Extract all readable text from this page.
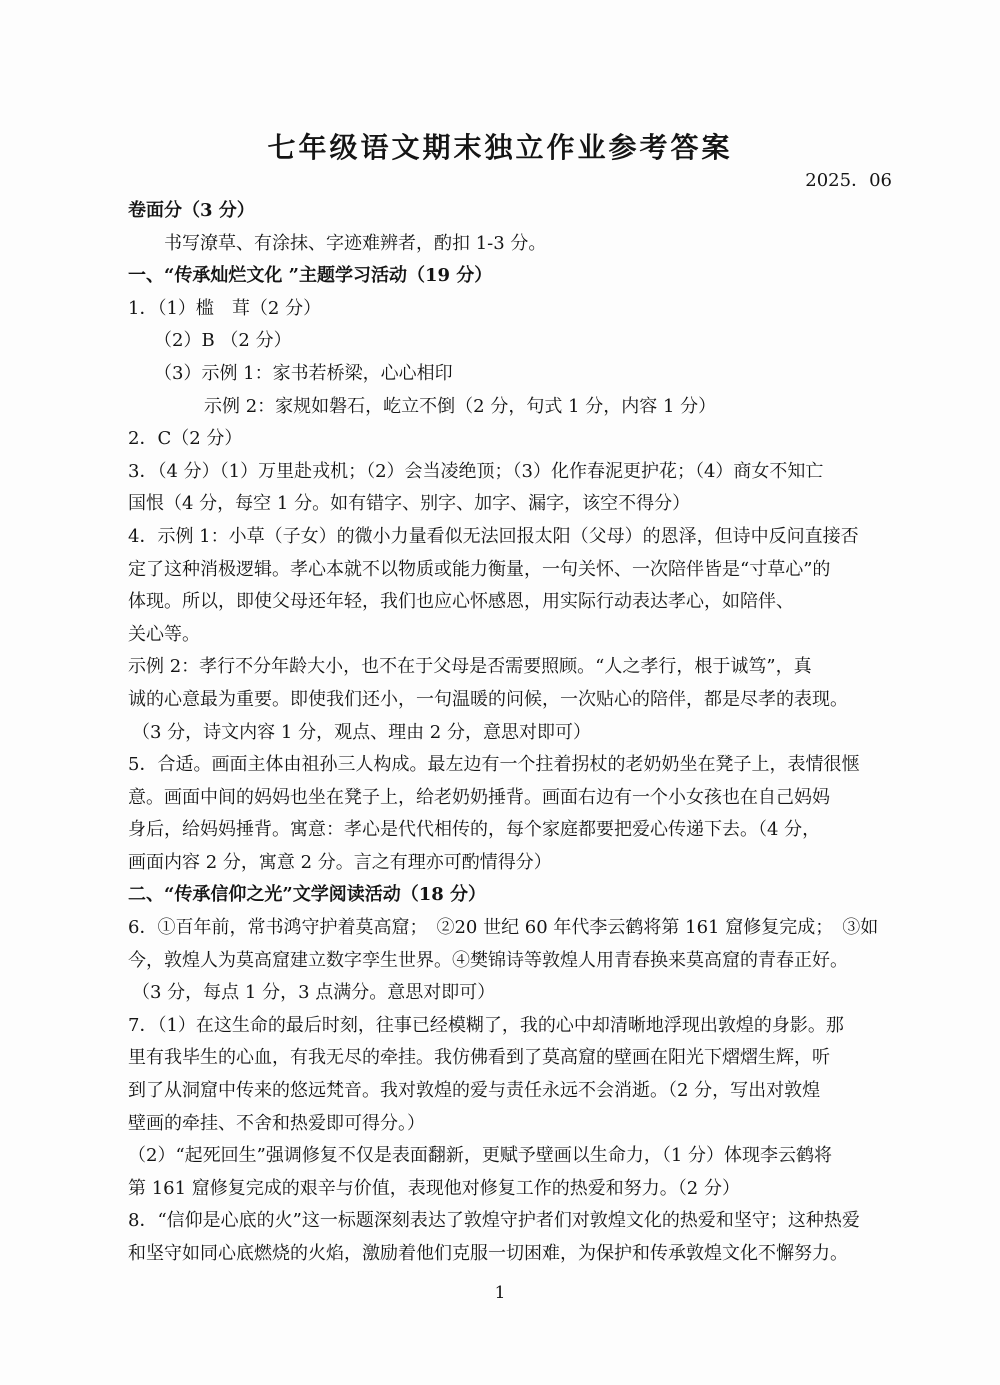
七年级语文期末独立作业参考答案
2025．06
卷面分（3 分）
书写潦草、有涂抹、字迹难辨者，酌扣 1-3 分。
一、“传承灿烂文化 ”主题学习活动（19 分）
1．（1）槛　茸（2 分）
（2）B （2 分）
（3）示例 1：家书若桥梁，心心相印
示例 2：家规如磐石，屹立不倒（2 分，句式 1 分，内容 1 分）
2．C（2 分）
3．（4 分）（1）万里赴戎机；（2）会当凌绝顶；（3）化作春泥更护花；（4）商女不知亡
国恨（4 分，每空 1 分。如有错字、别字、加字、漏字，该空不得分）
4．示例 1：小草（子女）的微小力量看似无法回报太阳（父母）的恩泽，但诗中反问直接否
定了这种消极逻辑。孝心本就不以物质或能力衡量，一句关怀、一次陪伴皆是“寸草心”的
体现。所以，即使父母还年轻，我们也应心怀感恩，用实际行动表达孝心，如陪伴、
关心等。
示例 2：孝行不分年龄大小，也不在于父母是否需要照顾。“人之孝行，根于诚笃”，真
诚的心意最为重要。即使我们还小，一句温暖的问候，一次贴心的陪伴，都是尽孝的表现。
（3 分，诗文内容 1 分，观点、理由 2 分，意思对即可）
5．合适。画面主体由祖孙三人构成。最左边有一个拄着拐杖的老奶奶坐在凳子上，表情很惬
意。画面中间的妈妈也坐在凳子上，给老奶奶捶背。画面右边有一个小女孩也在自己妈妈
身后，给妈妈捶背。寓意：孝心是代代相传的，每个家庭都要把爱心传递下去。（4 分，
画面内容 2 分，寓意 2 分。言之有理亦可酌情得分）
二、“传承信仰之光”文学阅读活动（18 分）
6．①百年前，常书鸿守护着莫高窟；　②20 世纪 60 年代李云鹤将第 161 窟修复完成；　③如
今，敦煌人为莫高窟建立数字孪生世界。④樊锦诗等敦煌人用青春换来莫高窟的青春正好。
（3 分，每点 1 分，3 点满分。意思对即可）
7．（1）在这生命的最后时刻，往事已经模糊了，我的心中却清晰地浮现出敦煌的身影。那
里有我毕生的心血，有我无尽的牵挂。我仿佛看到了莫高窟的壁画在阳光下熠熠生辉，听
到了从洞窟中传来的悠远梵音。我对敦煌的爱与责任永远不会消逝。（2 分，写出对敦煌
壁画的牵挂、不舍和热爱即可得分。）
（2）“起死回生”强调修复不仅是表面翻新，更赋予壁画以生命力，（1 分）体现李云鹤将
第 161 窟修复完成的艰辛与价值，表现他对修复工作的热爱和努力。（2 分）
8．“信仰是心底的火”这一标题深刻表达了敦煌守护者们对敦煌文化的热爱和坚守；这种热爱
和坚守如同心底燃烧的火焰，激励着他们克服一切困难，为保护和传承敦煌文化不懈努力。
1
